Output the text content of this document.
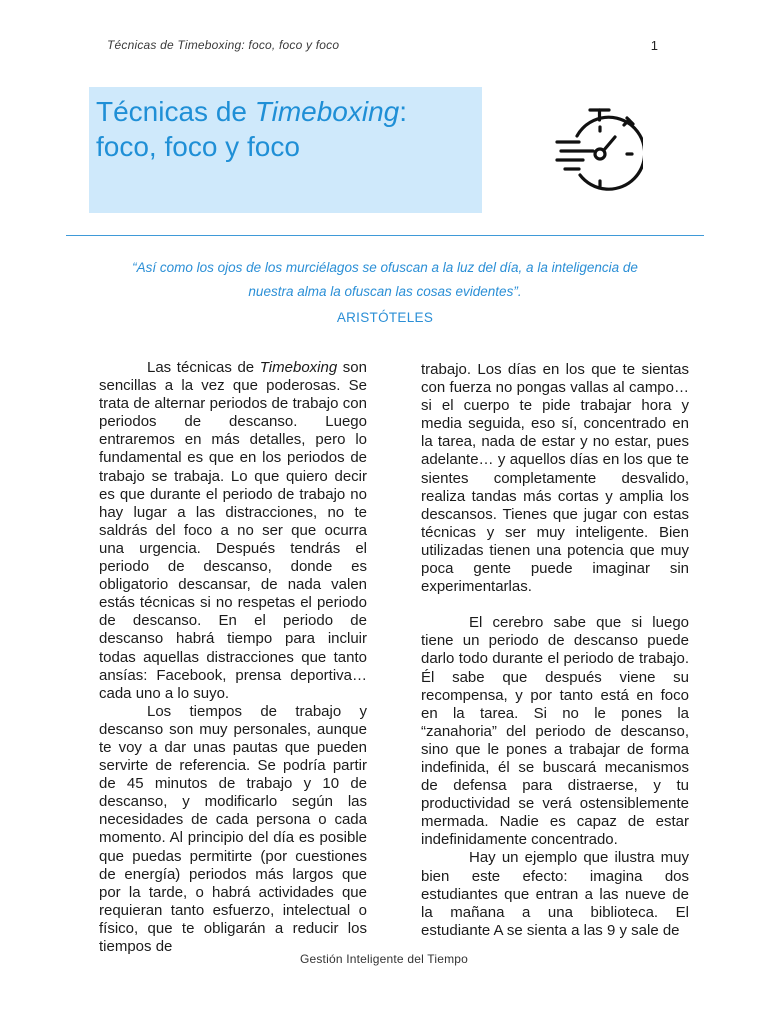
Técnicas de Timeboxing: foco, foco y foco	1
Técnicas de Timeboxing:
foco, foco y foco
“Así como los ojos de los murciélagos se ofuscan a la luz del día, a la inteligencia de
nuestra alma la ofuscan las cosas evidentes”.
ARISTÓTELES

Las técnicas de Timeboxing son sencillas a la vez que poderosas. Se trata de alternar periodos de trabajo con periodos de descanso. Luego entraremos en más detalles, pero lo fundamental es que en los periodos de trabajo se trabaja. Lo que quiero decir es que durante el periodo de trabajo no hay lugar a las distracciones, no te saldrás del foco a no ser que ocurra una urgencia. Después tendrás el periodo de descanso, donde es obligatorio descansar, de nada valen estás técnicas si no respetas el periodo de descanso. En el periodo de descanso habrá tiempo para incluir todas aquellas distracciones que tanto ansías: Facebook, prensa deportiva… cada uno a lo suyo.

Los tiempos de trabajo y descanso son muy personales, aunque te voy a dar unas pautas que pueden servirte de referencia. Se podría partir de 45 minutos de trabajo y 10 de descanso, y modificarlo según las necesidades de cada persona o cada momento. Al principio del día es posible que puedas permitirte (por cuestiones de energía) periodos más largos que por la tarde, o habrá actividades que requieran tanto esfuerzo, intelectual o físico, que te obligarán a reducir los tiempos de

trabajo. Los días en los que te sientas con fuerza no pongas vallas al campo… si el cuerpo te pide trabajar hora y media seguida, eso sí, concentrado en la tarea, nada de estar y no estar, pues adelante… y aquellos días en los que te sientes completamente desvalido, realiza tandas más cortas y amplia los descansos. Tienes que jugar con estas técnicas y ser muy inteligente. Bien utilizadas tienen una potencia que muy poca gente puede imaginar sin experimentarlas.

El cerebro sabe que si luego tiene un periodo de descanso puede darlo todo durante el periodo de trabajo. Él sabe que después viene su recompensa, y por tanto está en foco en la tarea. Si no le pones la “zanahoria” del periodo de descanso, sino que le pones a trabajar de forma indefinida, él se buscará mecanismos de defensa para distraerse, y tu productividad se verá ostensiblemente mermada. Nadie es capaz de estar indefinidamente concentrado.

Hay un ejemplo que ilustra muy bien este efecto: imagina dos estudiantes que entran a las nueve de la mañana a una biblioteca. El estudiante A se sienta a las 9 y sale de

Gestión Inteligente del Tiempo
